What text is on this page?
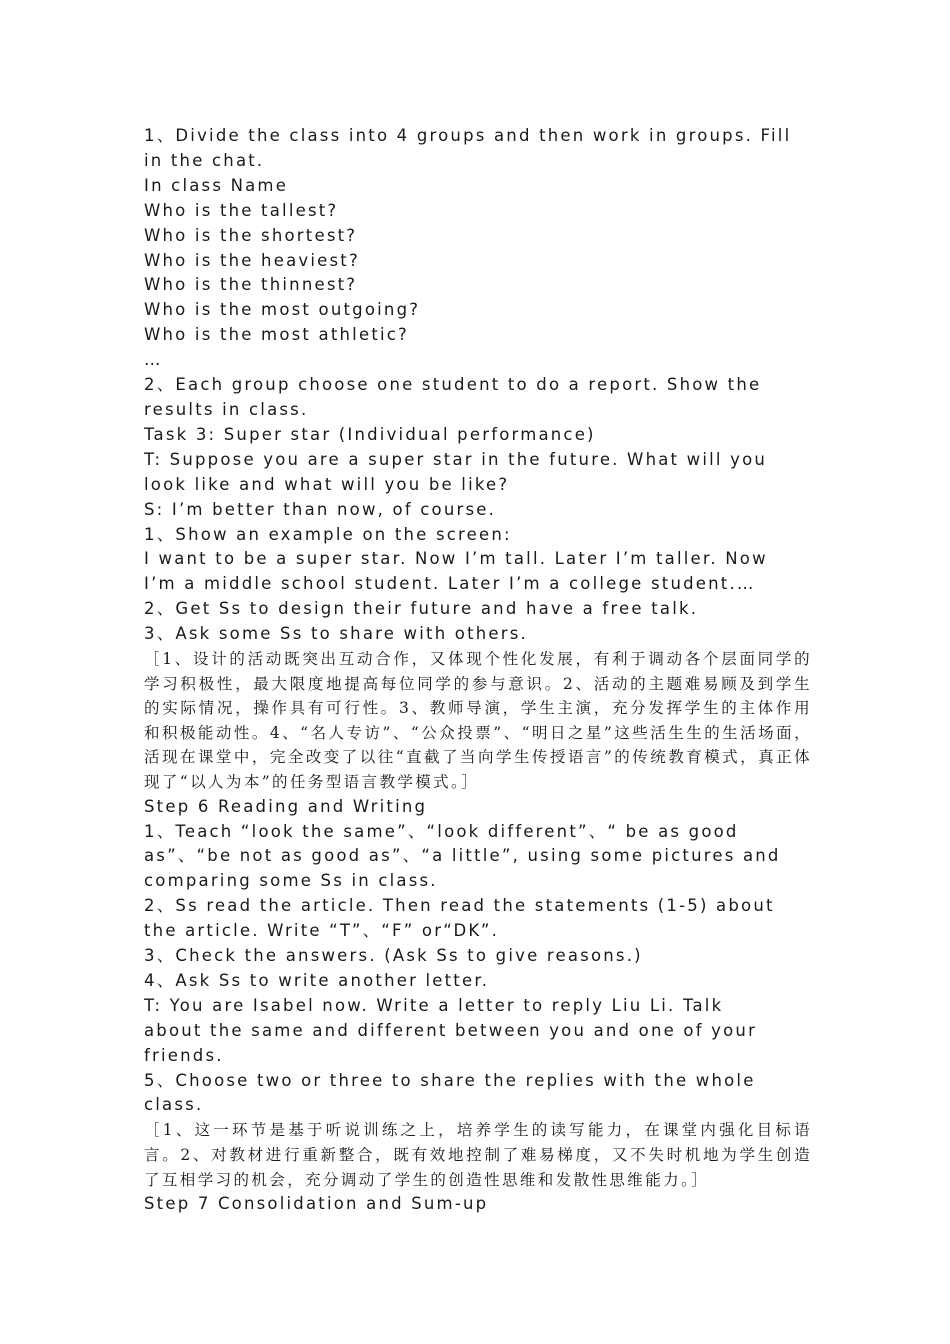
1、Divide the class into 4 groups and then work in groups. Fill

in the chat.

In class Name

Who is the tallest?

Who is the shortest?

Who is the heaviest?

Who is the thinnest?

Who is the most outgoing?

Who is the most athletic?

…

2、Each group choose one student to do a report. Show the

results in class.

Task 3: Super star (Individual performance)

T: Suppose you are a super star in the future. What will you

look like and what will you be like?

S: I’m better than now, of course.

1、Show an example on the screen:

I want to be a super star. Now I’m tall. Later I’m taller. Now

I’m a middle school student. Later I’m a college student.…

2、Get Ss to design their future and have a free talk.

3、Ask some Ss to share with others.

［1、设计的活动既突出互动合作，又体现个性化发展，有利于调动各个层面同学的学习积极性，最大限度地提高每位同学的参与意识。2、活动的主题难易顾及到学生的实际情况，操作具有可行性。3、教师导演，学生主演，充分发挥学生的主体作用和积极能动性。4、“名人专访”、“公众投票”、“明日之星”这些活生生的生活场面，活现在课堂中，完全改变了以往“直截了当向学生传授语言”的传统教育模式，真正体现了“以人为本”的任务型语言教学模式。］

Step 6 Reading and Writing

1、Teach “look the same”、“look different”、“ be as good

as”、“be not as good as”、“a little”, using some pictures and

comparing some Ss in class.

2、Ss read the article. Then read the statements (1-5) about

the article. Write “T”、“F” or“DK”.

3、Check the answers. (Ask Ss to give reasons.)

4、Ask Ss to write another letter.

T: You are Isabel now. Write a letter to reply Liu Li. Talk

about the same and different between you and one of your

friends.

5、Choose two or three to share the replies with the whole

class.

［1、这一环节是基于听说训练之上，培养学生的读写能力，在课堂内强化目标语言。2、对教材进行重新整合，既有效地控制了难易梯度，又不失时机地为学生创造了互相学习的机会，充分调动了学生的创造性思维和发散性思维能力。］

Step 7 Consolidation and Sum-up
